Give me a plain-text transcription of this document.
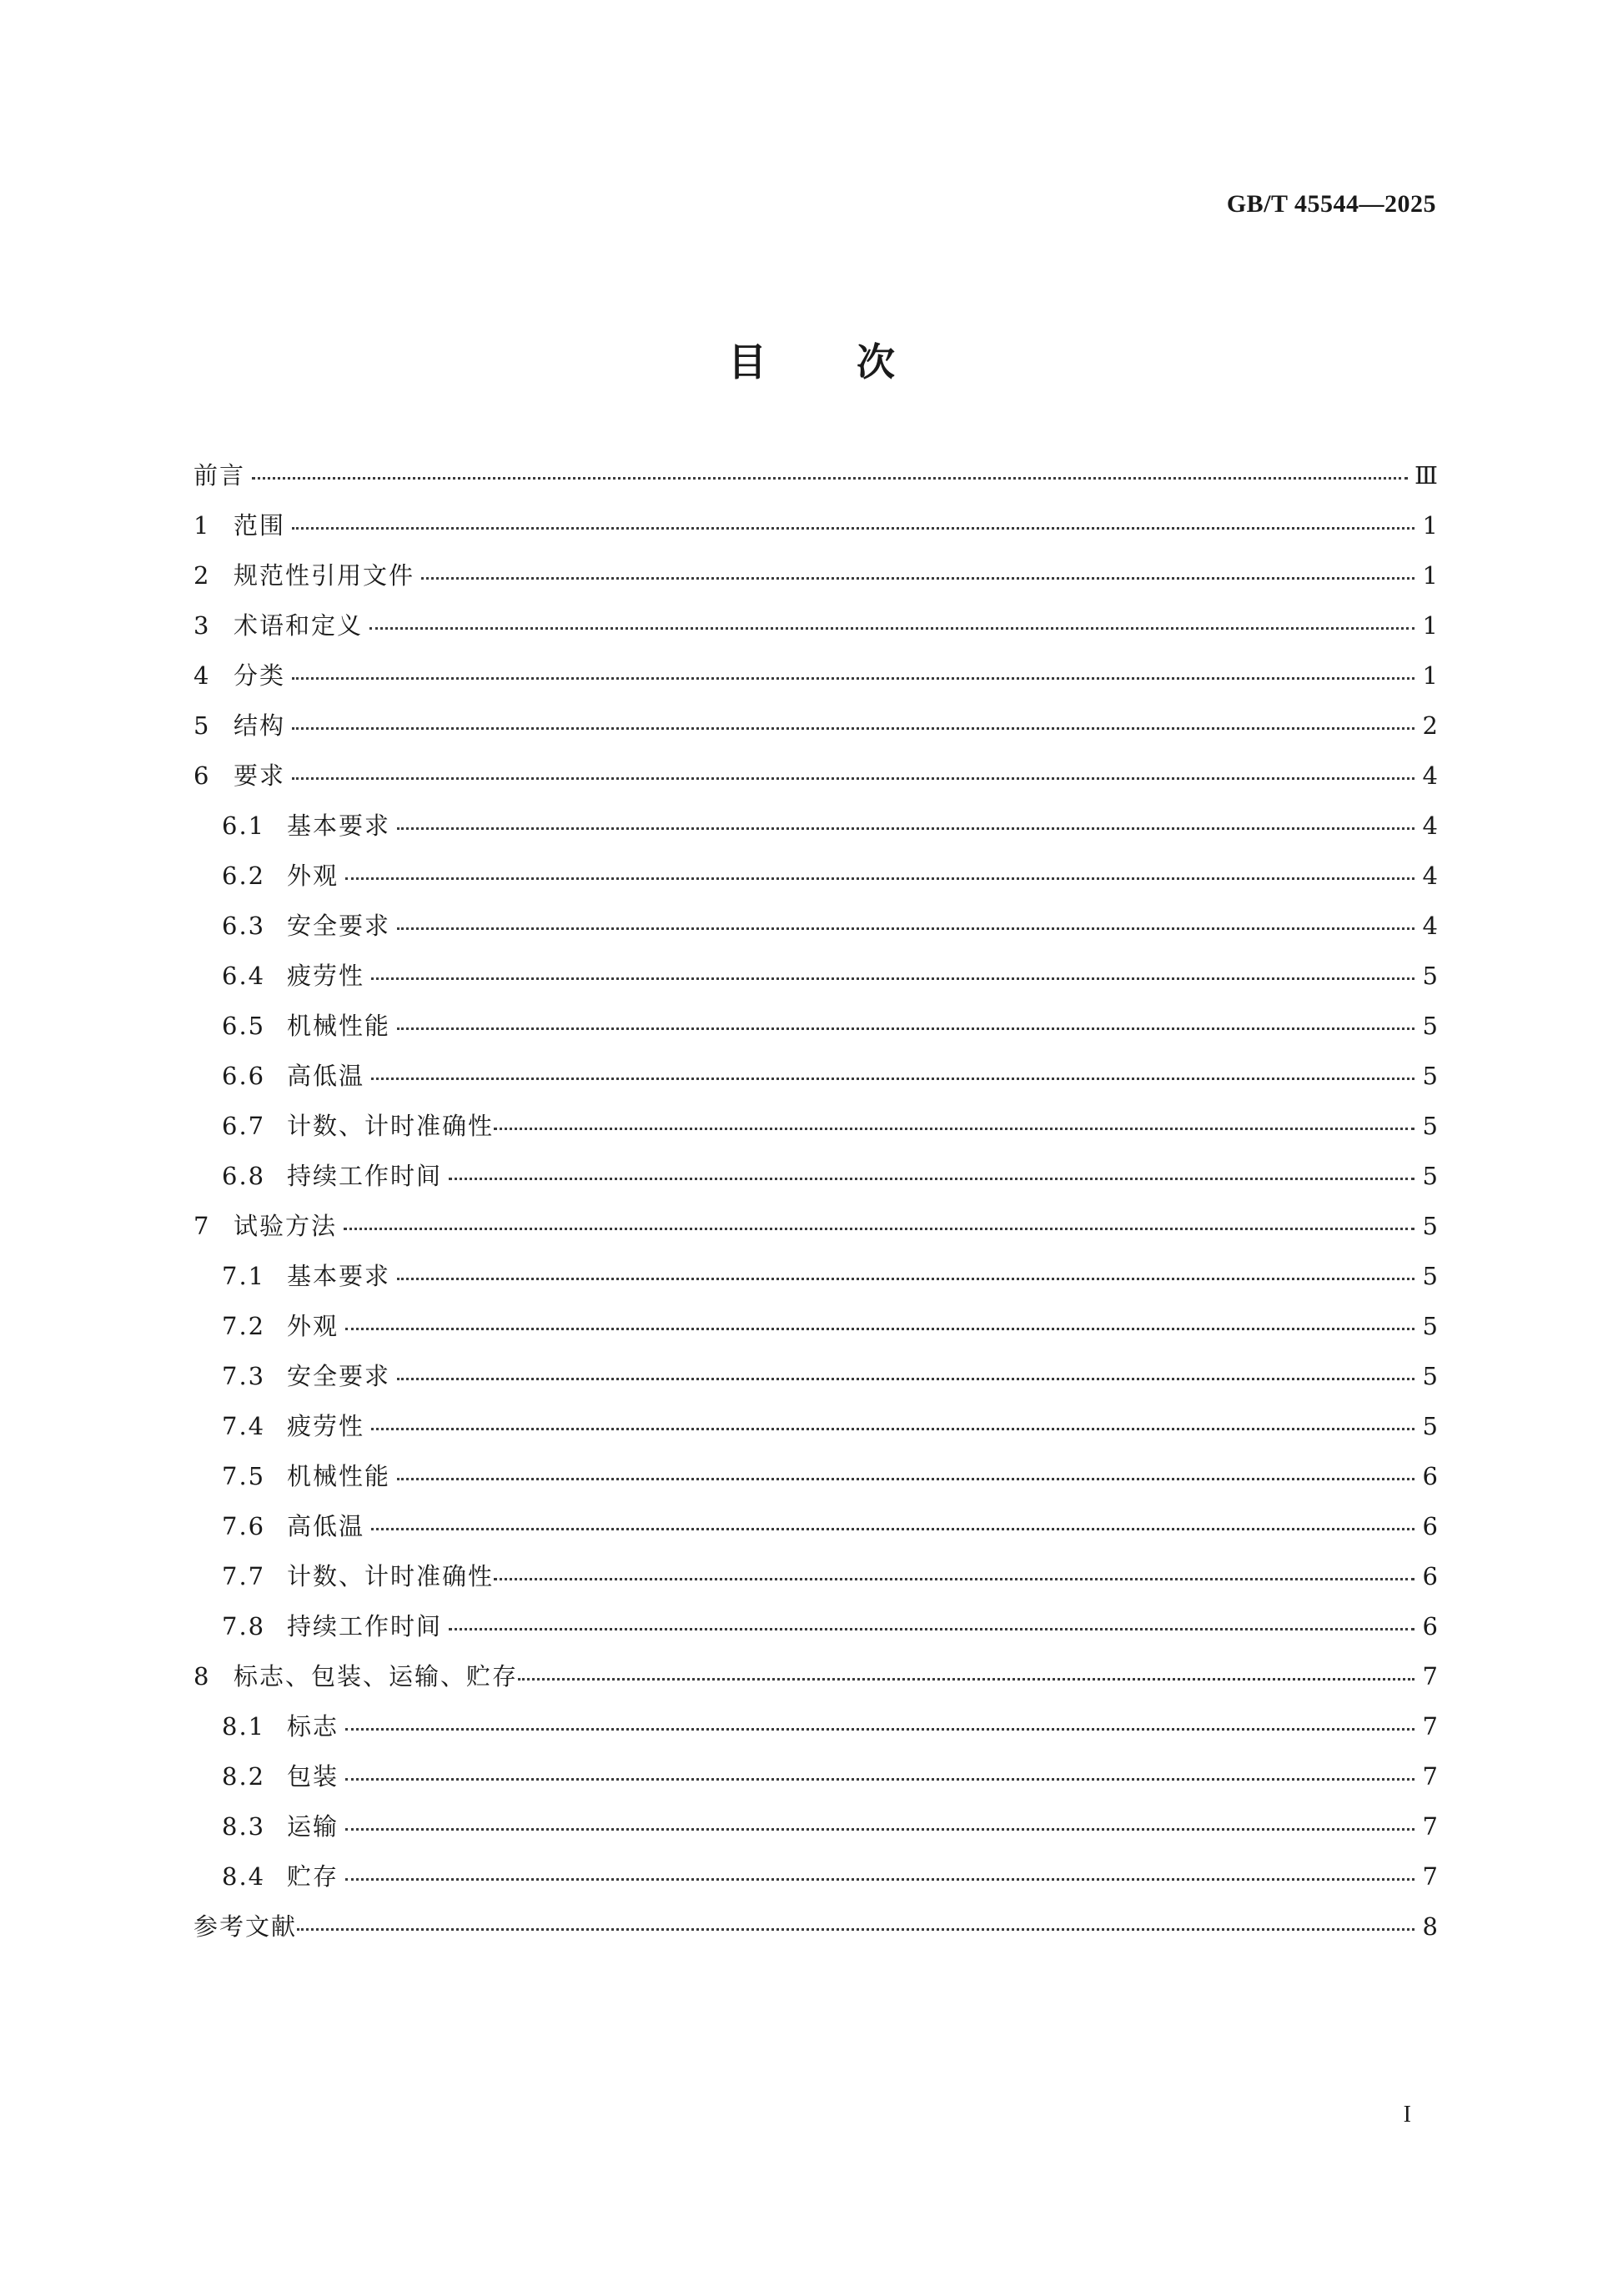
GB/T 45544—2025
目 次
前言	Ⅲ
1 范围	1
2 规范性引用文件	1
3 术语和定义	1
4 分类	1
5 结构	2
6 要求	4
6.1 基本要求	4
6.2 外观	4
6.3 安全要求	4
6.4 疲劳性	5
6.5 机械性能	5
6.6 高低温	5
6.7 计数、计时准确性	5
6.8 持续工作时间	5
7 试验方法	5
7.1 基本要求	5
7.2 外观	5
7.3 安全要求	5
7.4 疲劳性	5
7.5 机械性能	6
7.6 高低温	6
7.7 计数、计时准确性	6
7.8 持续工作时间	6
8 标志、包装、运输、贮存	7
8.1 标志	7
8.2 包装	7
8.3 运输	7
8.4 贮存	7
参考文献	8
I
